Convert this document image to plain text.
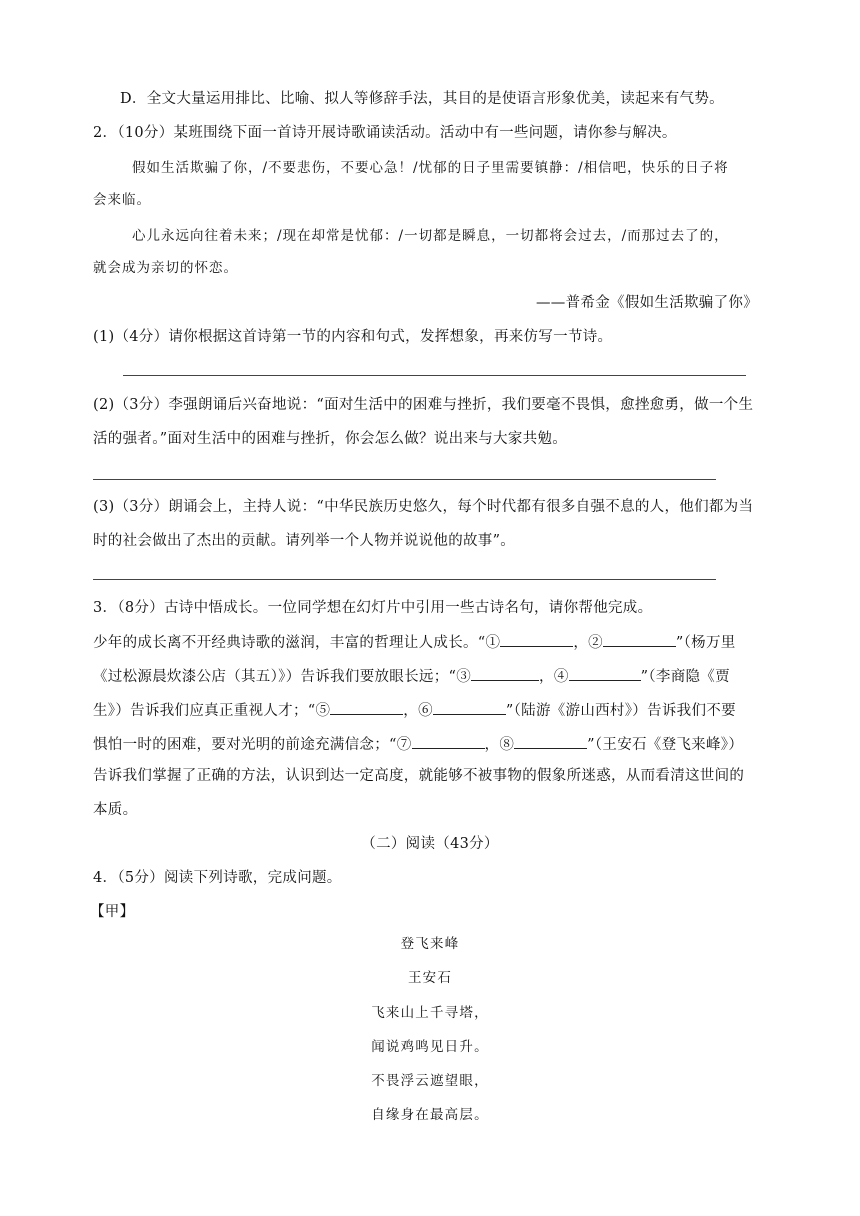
D．全文大量运用排比、比喻、拟人等修辞手法，其目的是使语言形象优美，读起来有气势。
2．（10分）某班围绕下面一首诗开展诗歌诵读活动。活动中有一些问题，请你参与解决。
假如生活欺骗了你，/不要悲伤，不要心急！/忧郁的日子里需要镇静：/相信吧，快乐的日子将
会来临。
心儿永远向往着未来；/现在却常是忧郁：/一切都是瞬息，一切都将会过去，/而那过去了的，
就会成为亲切的怀恋。
——普希金《假如生活欺骗了你》
(1)（4分）请你根据这首诗第一节的内容和句式，发挥想象，再来仿写一节诗。
(2)（3分）李强朗诵后兴奋地说：“面对生活中的困难与挫折，我们要毫不畏惧，愈挫愈勇，做一个生
活的强者。”面对生活中的困难与挫折，你会怎么做？说出来与大家共勉。
(3)（3分）朗诵会上，主持人说：“中华民族历史悠久，每个时代都有很多自强不息的人，他们都为当
时的社会做出了杰出的贡献。请列举一个人物并说说他的故事”。
3．（8分）古诗中悟成长。一位同学想在幻灯片中引用一些古诗名句，请你帮他完成。
少年的成长离不开经典诗歌的滋润，丰富的哲理让人成长。“①	，②	”（杨万里
《过松源晨炊漆公店（其五）》）告诉我们要放眼长远；“③	，④	”（李商隐《贾
生》）告诉我们应真正重视人才；“⑤	，⑥	”（陆游《游山西村》）告诉我们不要
惧怕一时的困难，要对光明的前途充满信念；“⑦	，⑧	”（王安石《登飞来峰》）
告诉我们掌握了正确的方法，认识到达一定高度，就能够不被事物的假象所迷惑，从而看清这世间的
本质。
（二）阅读（43分）
4．（5分）阅读下列诗歌，完成问题。
【甲】
登飞来峰
王安石
飞来山上千寻塔，
闻说鸡鸣见日升。
不畏浮云遮望眼，
自缘身在最高层。
